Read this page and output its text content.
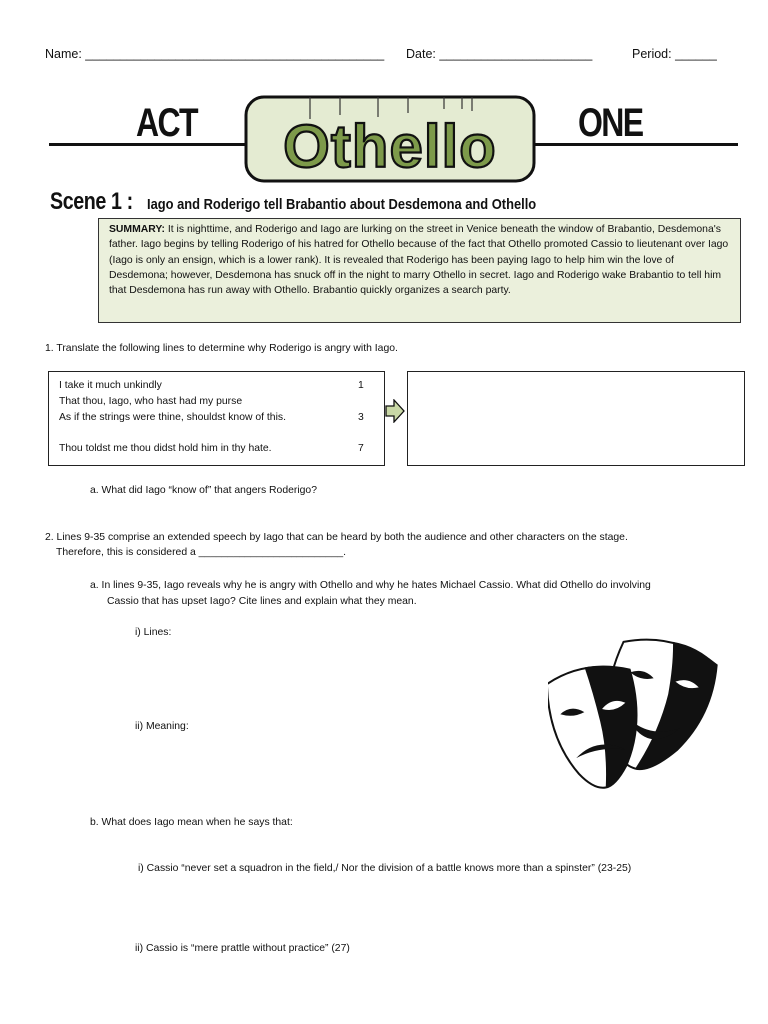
Name: ___________________________________________ Date: ______________________	Period: ______
ACT	ONE
Othello
Scene 1 : Iago and Roderigo tell Brabantio about Desdemona and Othello
SUMMARY: It is nighttime, and Roderigo and Iago are lurking on the street in Venice beneath the window of Brabantio, Desdemona's father. Iago begins by telling Roderigo of his hatred for Othello because of the fact that Othello promoted Cassio to lieutenant over Iago (Iago is only an ensign, which is a lower rank). It is revealed that Roderigo has been paying Iago to help him win the love of Desdemona; however, Desdemona has snuck off in the night to marry Othello in secret. Iago and Roderigo wake Brabantio to tell him that Desdemona has run away with Othello. Brabantio quickly organizes a search party.
1. Translate the following lines to determine why Roderigo is angry with Iago.
I take it much unkindly	1
That thou, Iago, who hast had my purse
As if the strings were thine, shouldst know of this.	3
Thou toldst me thou didst hold him in thy hate.	7
a. What did Iago “know of” that angers Roderigo?
2. Lines 9-35 comprise an extended speech by Iago that can be heard by both the audience and other characters on the stage.
Therefore, this is considered a _________________________.
a. In lines 9-35, Iago reveals why he is angry with Othello and why he hates Michael Cassio. What did Othello do involving
Cassio that has upset Iago? Cite lines and explain what they mean.
i) Lines:
ii) Meaning:
b. What does Iago mean when he says that:
i) Cassio “never set a squadron in the field,/ Nor the division of a battle knows more than a spinster” (23-25)
ii) Cassio is “mere prattle without practice” (27)
